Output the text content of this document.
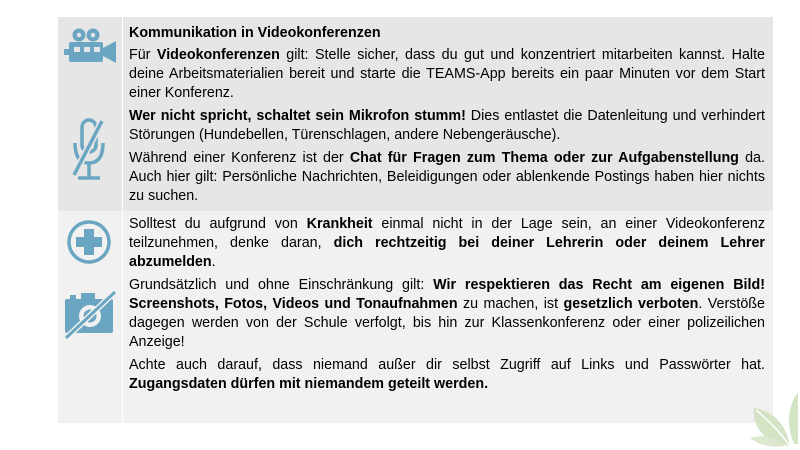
Kommunikation in Videokonferenzen

Für Videokonferenzen gilt: Stelle sicher, dass du gut und konzentriert mitarbeiten kannst. Halte deine Arbeitsmaterialien bereit und starte die TEAMS-App bereits ein paar Minuten vor dem Start einer Konferenz.

Wer nicht spricht, schaltet sein Mikrofon stumm! Dies entlastet die Datenleitung und verhindert Störungen (Hundebellen, Türenschlagen, andere Nebengeräusche).

Während einer Konferenz ist der Chat für Fragen zum Thema oder zur Aufgabenstellung da. Auch hier gilt: Persönliche Nachrichten, Beleidigungen oder ablenkende Postings haben hier nichts zu suchen.

Solltest du aufgrund von Krankheit einmal nicht in der Lage sein, an einer Videokonferenz teilzunehmen, denke daran, dich rechtzeitig bei deiner Lehrerin oder deinem Lehrer abzumelden.

Grundsätzlich und ohne Einschränkung gilt: Wir respektieren das Recht am eigenen Bild! Screenshots, Fotos, Videos und Tonaufnahmen zu machen, ist gesetzlich verboten. Verstöße dagegen werden von der Schule verfolgt, bis hin zur Klassenkonferenz oder einer polizeilichen Anzeige!

Achte auch darauf, dass niemand außer dir selbst Zugriff auf Links und Passwörter hat. Zugangsdaten dürfen mit niemandem geteilt werden.
